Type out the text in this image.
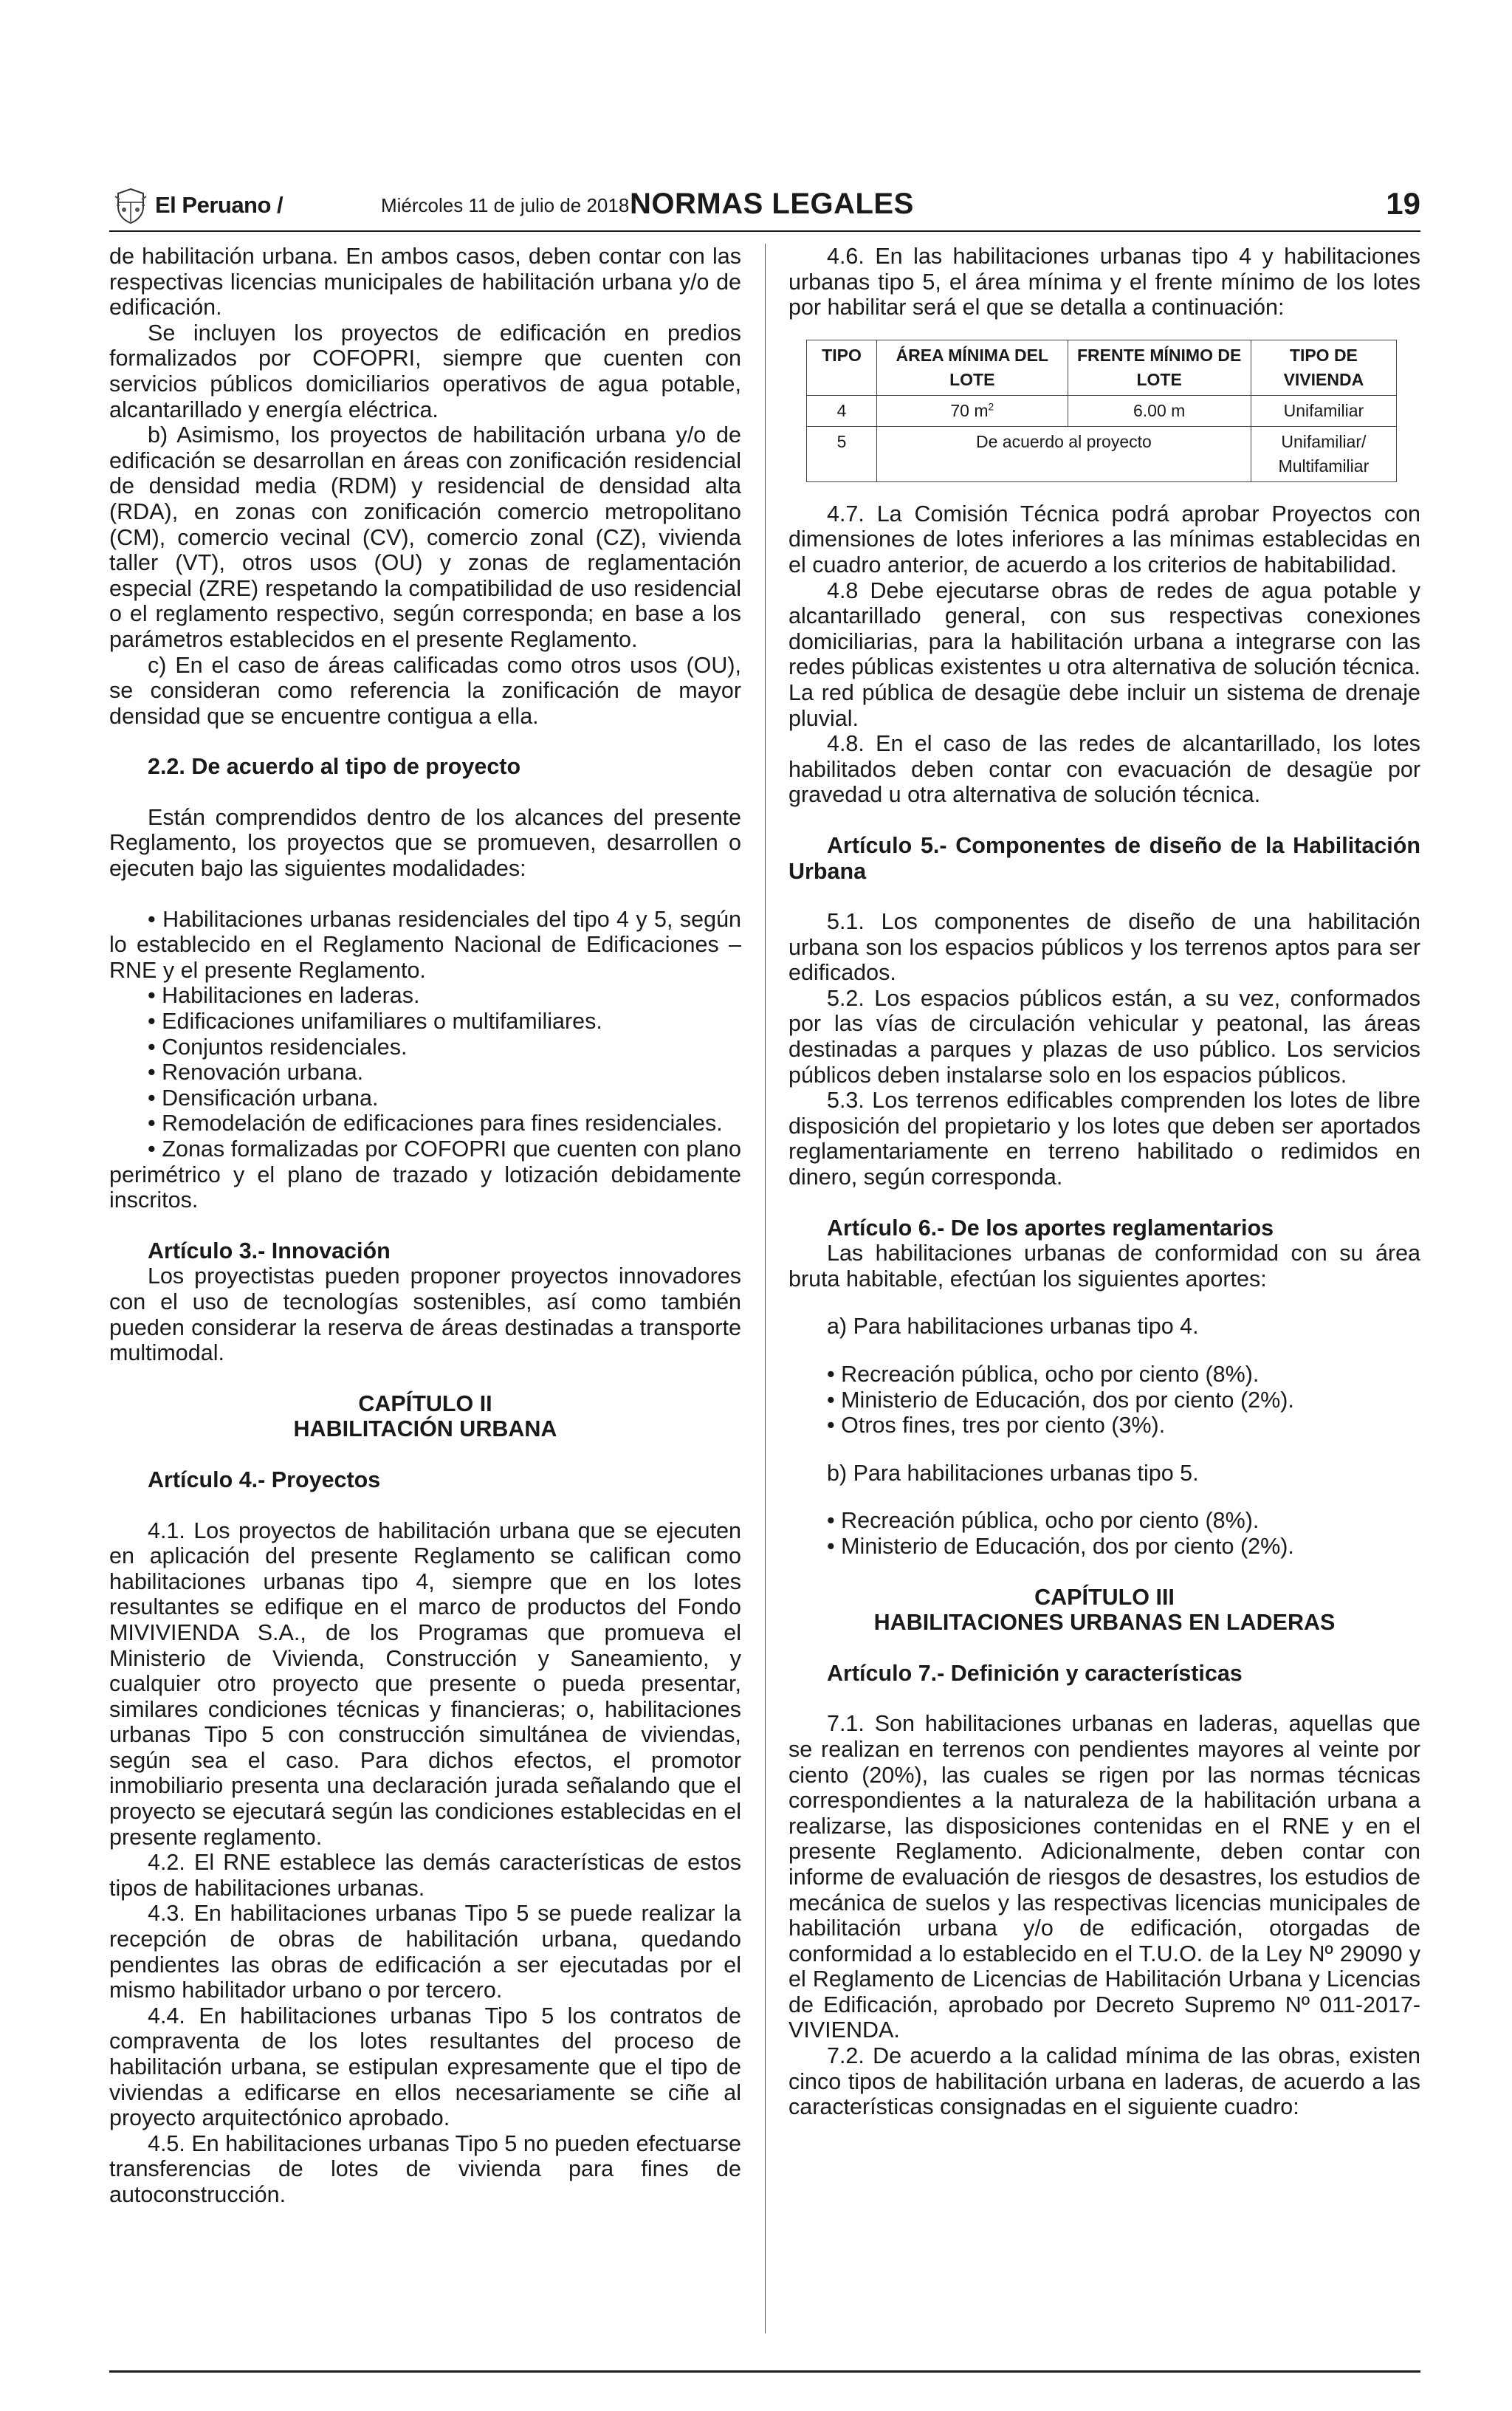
El Peruano /	Miércoles 11 de julio de 2018 NORMAS LEGALES	19

de habilitación urbana. En ambos casos, deben contar con las respectivas licencias municipales de habilitación urbana y/o de edificación.

Se incluyen los proyectos de edificación en predios formalizados por COFOPRI, siempre que cuenten con servicios públicos domiciliarios operativos de agua potable, alcantarillado y energía eléctrica.

b) Asimismo, los proyectos de habilitación urbana y/o de edificación se desarrollan en áreas con zonificación residencial de densidad media (RDM) y residencial de densidad alta (RDA), en zonas con zonificación comercio metropolitano (CM), comercio vecinal (CV), comercio zonal (CZ), vivienda taller (VT), otros usos (OU) y zonas de reglamentación especial (ZRE) respetando la compatibilidad de uso residencial o el reglamento respectivo, según corresponda; en base a los parámetros establecidos en el presente Reglamento.

c) En el caso de áreas calificadas como otros usos (OU), se consideran como referencia la zonificación de mayor densidad que se encuentre contigua a ella.

2.2. De acuerdo al tipo de proyecto

Están comprendidos dentro de los alcances del presente Reglamento, los proyectos que se promueven, desarrollen o ejecuten bajo las siguientes modalidades:

• Habilitaciones urbanas residenciales del tipo 4 y 5, según lo establecido en el Reglamento Nacional de Edificaciones – RNE y el presente Reglamento.

• Habilitaciones en laderas.

• Edificaciones unifamiliares o multifamiliares.

• Conjuntos residenciales.

• Renovación urbana.

• Densificación urbana.

• Remodelación de edificaciones para fines residenciales.

• Zonas formalizadas por COFOPRI que cuenten con plano perimétrico y el plano de trazado y lotización debidamente inscritos.

Artículo 3.- Innovación

Los proyectistas pueden proponer proyectos innovadores con el uso de tecnologías sostenibles, así como también pueden considerar la reserva de áreas destinadas a transporte multimodal.

CAPÍTULO II

HABILITACIÓN URBANA

Artículo 4.- Proyectos

4.1. Los proyectos de habilitación urbana que se ejecuten en aplicación del presente Reglamento se califican como habilitaciones urbanas tipo 4, siempre que en los lotes resultantes se edifique en el marco de productos del Fondo MIVIVIENDA S.A., de los Programas que promueva el Ministerio de Vivienda, Construcción y Saneamiento, y cualquier otro proyecto que presente o pueda presentar, similares condiciones técnicas y financieras; o, habilitaciones urbanas Tipo 5 con construcción simultánea de viviendas, según sea el caso. Para dichos efectos, el promotor inmobiliario presenta una declaración jurada señalando que el proyecto se ejecutará según las condiciones establecidas en el presente reglamento.

4.2. El RNE establece las demás características de estos tipos de habilitaciones urbanas.

4.3. En habilitaciones urbanas Tipo 5 se puede realizar la recepción de obras de habilitación urbana, quedando pendientes las obras de edificación a ser ejecutadas por el mismo habilitador urbano o por tercero.

4.4. En habilitaciones urbanas Tipo 5 los contratos de compraventa de los lotes resultantes del proceso de habilitación urbana, se estipulan expresamente que el tipo de viviendas a edificarse en ellos necesariamente se ciñe al proyecto arquitectónico aprobado.

4.5. En habilitaciones urbanas Tipo 5 no pueden efectuarse transferencias de lotes de vivienda para fines de autoconstrucción.

4.6. En las habilitaciones urbanas tipo 4 y habilitaciones urbanas tipo 5, el área mínima y el frente mínimo de los lotes por habilitar será el que se detalla a continuación:

TIPO	ÁREA MÍNIMA DEL LOTE	FRENTE MÍNIMO DE LOTE	TIPO DE VIVIENDA
4	70 $m^2$	6.00 m	Unifamiliar
5	De acuerdo al proyecto		Unifamiliar/ Multifamiliar

4.7. La Comisión Técnica podrá aprobar Proyectos con dimensiones de lotes inferiores a las mínimas establecidas en el cuadro anterior, de acuerdo a los criterios de habitabilidad.

4.8 Debe ejecutarse obras de redes de agua potable y alcantarillado general, con sus respectivas conexiones domiciliarias, para la habilitación urbana a integrarse con las redes públicas existentes u otra alternativa de solución técnica. La red pública de desagüe debe incluir un sistema de drenaje pluvial.

4.8. En el caso de las redes de alcantarillado, los lotes habilitados deben contar con evacuación de desagüe por gravedad u otra alternativa de solución técnica.

Artículo 5.- Componentes de diseño de la Habilitación Urbana

5.1. Los componentes de diseño de una habilitación urbana son los espacios públicos y los terrenos aptos para ser edificados.

5.2. Los espacios públicos están, a su vez, conformados por las vías de circulación vehicular y peatonal, las áreas destinadas a parques y plazas de uso público. Los servicios públicos deben instalarse solo en los espacios públicos.

5.3. Los terrenos edificables comprenden los lotes de libre disposición del propietario y los lotes que deben ser aportados reglamentariamente en terreno habilitado o redimidos en dinero, según corresponda.

Artículo 6.- De los aportes reglamentarios

Las habilitaciones urbanas de conformidad con su área bruta habitable, efectúan los siguientes aportes:

a) Para habilitaciones urbanas tipo 4.

• Recreación pública, ocho por ciento (8%).

• Ministerio de Educación, dos por ciento (2%).

• Otros fines, tres por ciento (3%).

b) Para habilitaciones urbanas tipo 5.

• Recreación pública, ocho por ciento (8%).

• Ministerio de Educación, dos por ciento (2%).

CAPÍTULO III

HABILITACIONES URBANAS EN LADERAS

Artículo 7.- Definición y características

7.1. Son habilitaciones urbanas en laderas, aquellas que se realizan en terrenos con pendientes mayores al veinte por ciento (20%), las cuales se rigen por las normas técnicas correspondientes a la naturaleza de la habilitación urbana a realizarse, las disposiciones contenidas en el RNE y en el presente Reglamento. Adicionalmente, deben contar con informe de evaluación de riesgos de desastres, los estudios de mecánica de suelos y las respectivas licencias municipales de habilitación urbana y/o de edificación, otorgadas de conformidad a lo establecido en el T.U.O. de la Ley Nº 29090 y el Reglamento de Licencias de Habilitación Urbana y Licencias de Edificación, aprobado por Decreto Supremo Nº 011-2017-VIVIENDA.

7.2. De acuerdo a la calidad mínima de las obras, existen cinco tipos de habilitación urbana en laderas, de acuerdo a las características consignadas en el siguiente cuadro:
